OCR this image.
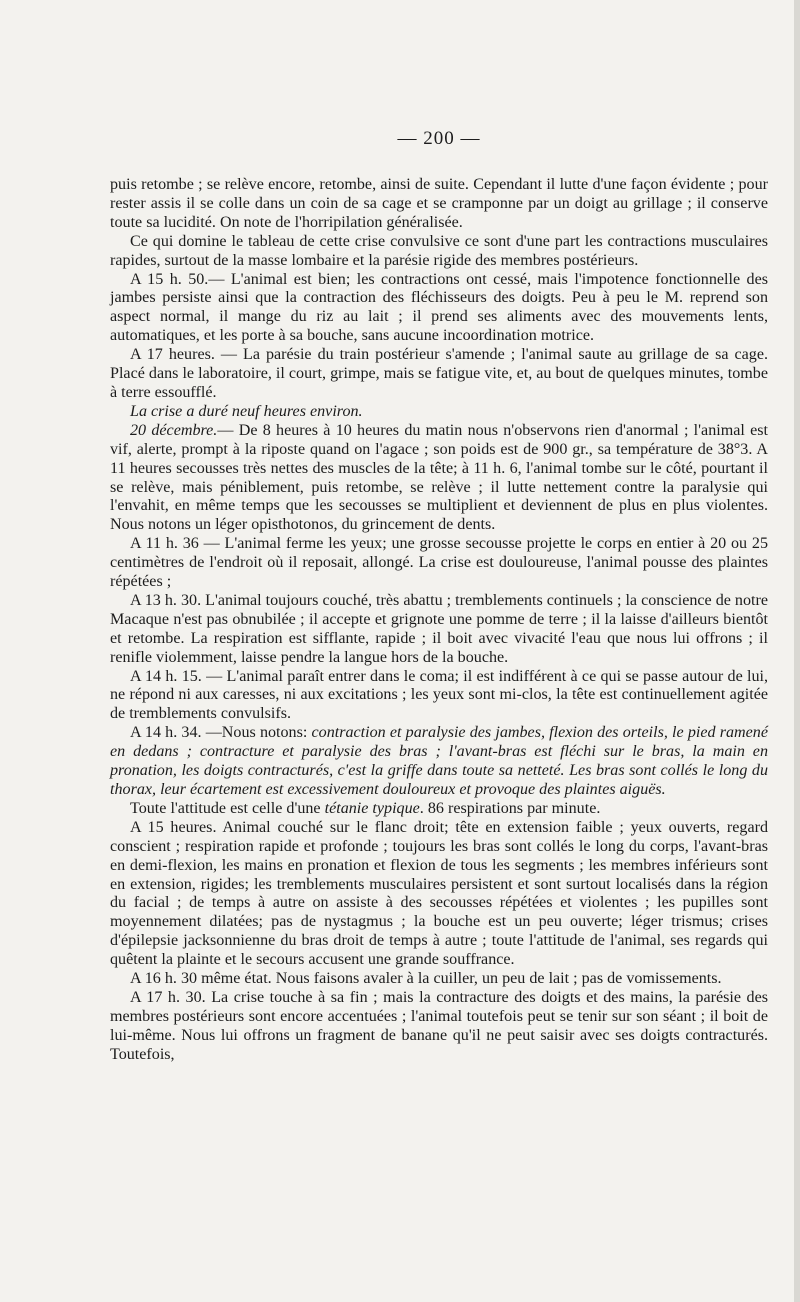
— 200 —

puis retombe ; se relève encore, retombe, ainsi de suite. Cependant il lutte d'une façon évidente ; pour rester assis il se colle dans un coin de sa cage et se cramponne par un doigt au grillage ; il conserve toute sa lucidité. On note de l'horripilation généralisée.

Ce qui domine le tableau de cette crise convulsive ce sont d'une part les contractions musculaires rapides, surtout de la masse lombaire et la parésie rigide des membres postérieurs.

A 15 h. 50.— L'animal est bien; les contractions ont cessé, mais l'impotence fonctionnelle des jambes persiste ainsi que la contraction des fléchisseurs des doigts. Peu à peu le M. reprend son aspect normal, il mange du riz au lait ; il prend ses aliments avec des mouvements lents, automatiques, et les porte à sa bouche, sans aucune incoordination motrice.

A 17 heures. — La parésie du train postérieur s'amende ; l'animal saute au grillage de sa cage. Placé dans le laboratoire, il court, grimpe, mais se fatigue vite, et, au bout de quelques minutes, tombe à terre essoufflé.

La crise a duré neuf heures environ.

20 décembre.— De 8 heures à 10 heures du matin nous n'observons rien d'anormal ; l'animal est vif, alerte, prompt à la riposte quand on l'agace ; son poids est de 900 gr., sa température de 38°3. A 11 heures secousses très nettes des muscles de la tête; à 11 h. 6, l'animal tombe sur le côté, pourtant il se relève, mais péniblement, puis retombe, se relève ; il lutte nettement contre la paralysie qui l'envahit, en même temps que les secousses se multiplient et deviennent de plus en plus violentes. Nous notons un léger opisthotonos, du grincement de dents.

A 11 h. 36 — L'animal ferme les yeux; une grosse secousse projette le corps en entier à 20 ou 25 centimètres de l'endroit où il reposait, allongé. La crise est douloureuse, l'animal pousse des plaintes répétées ;

A 13 h. 30. L'animal toujours couché, très abattu ; tremblements continuels ; la conscience de notre Macaque n'est pas obnubilée ; il accepte et grignote une pomme de terre ; il la laisse d'ailleurs bientôt et retombe. La respiration est sifflante, rapide ; il boit avec vivacité l'eau que nous lui offrons ; il renifle violemment, laisse pendre la langue hors de la bouche.

A 14 h. 15. — L'animal paraît entrer dans le coma; il est indifférent à ce qui se passe autour de lui, ne répond ni aux caresses, ni aux excitations ; les yeux sont mi-clos, la tête est continuellement agitée de tremblements convulsifs.

A 14 h. 34. —Nous notons: contraction et paralysie des jambes, flexion des orteils, le pied ramené en dedans ; contracture et paralysie des bras ; l'avant-bras est fléchi sur le bras, la main en pronation, les doigts contracturés, c'est la griffe dans toute sa netteté. Les bras sont collés le long du thorax, leur écartement est excessivement douloureux et provoque des plaintes aiguës.

Toute l'attitude est celle d'une tétanie typique. 86 respirations par minute.

A 15 heures. Animal couché sur le flanc droit; tête en extension faible ; yeux ouverts, regard conscient ; respiration rapide et profonde ; toujours les bras sont collés le long du corps, l'avant-bras en demi-flexion, les mains en pronation et flexion de tous les segments ; les membres inférieurs sont en extension, rigides; les tremblements musculaires persistent et sont surtout localisés dans la région du facial ; de temps à autre on assiste à des secousses répétées et violentes ; les pupilles sont moyennement dilatées; pas de nystagmus ; la bouche est un peu ouverte; léger trismus; crises d'épilepsie jacksonnienne du bras droit de temps à autre ; toute l'attitude de l'animal, ses regards qui quêtent la plainte et le secours accusent une grande souffrance.

A 16 h. 30 même état. Nous faisons avaler à la cuiller, un peu de lait ; pas de vomissements.

A 17 h. 30. La crise touche à sa fin ; mais la contracture des doigts et des mains, la parésie des membres postérieurs sont encore accentuées ; l'animal toutefois peut se tenir sur son séant ; il boit de lui-même. Nous lui offrons un fragment de banane qu'il ne peut saisir avec ses doigts contracturés. Toutefois,
